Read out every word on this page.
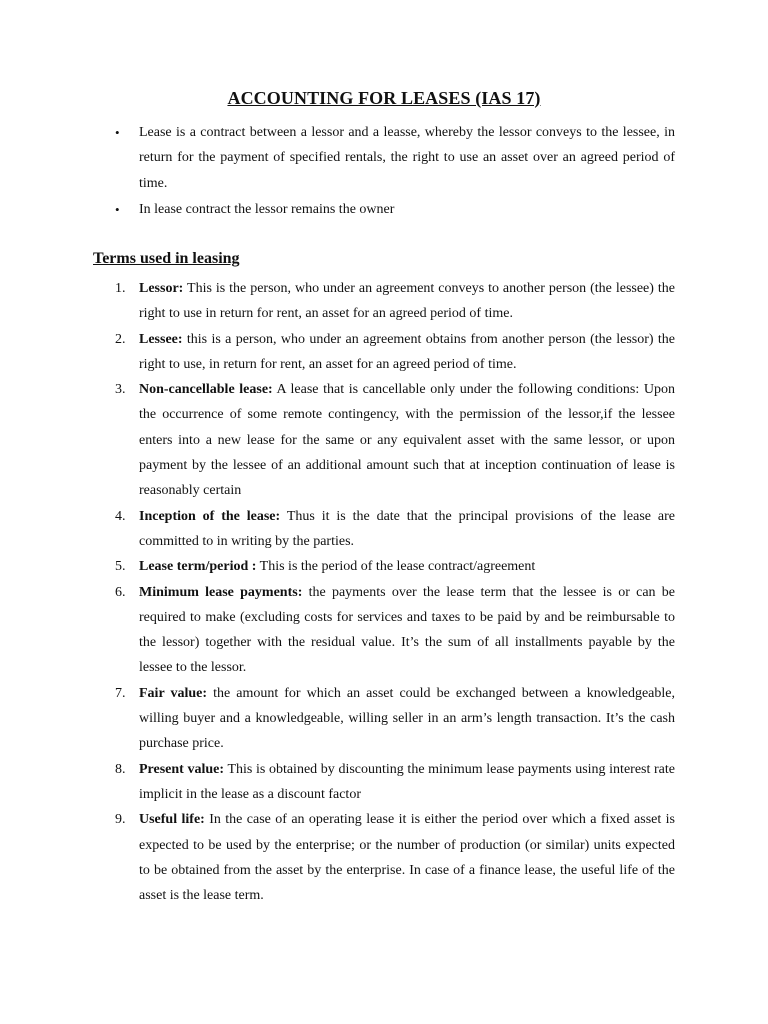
ACCOUNTING FOR LEASES (IAS 17)
• Lease is a contract between a lessor and a leasse, whereby the lessor conveys to the lessee, in return for the payment of specified rentals, the right to use an asset over an agreed period of time.
• In lease contract the lessor remains the owner
Terms used in leasing
1. Lessor: This is the person, who under an agreement conveys to another person (the lessee) the right to use in return for rent, an asset for an agreed period of time.
2. Lessee: this is a person, who under an agreement obtains from another person (the lessor) the right to use, in return for rent, an asset for an agreed period of time.
3. Non-cancellable lease: A lease that is cancellable only under the following conditions: Upon the occurrence of some remote contingency, with the permission of the lessor,if the lessee enters into a new lease for the same or any equivalent asset with the same lessor, or upon payment by the lessee of an additional amount such that at inception continuation of lease is reasonably certain
4. Inception of the lease: Thus it is the date that the principal provisions of the lease are committed to in writing by the parties.
5. Lease term/period : This is the period of the lease contract/agreement
6. Minimum lease payments: the payments over the lease term that the lessee is or can be required to make (excluding costs for services and taxes to be paid by and be reimbursable to the lessor) together with the residual value. It’s the sum of all installments payable by the lessee to the lessor.
7. Fair value: the amount for which an asset could be exchanged between a knowledgeable, willing buyer and a knowledgeable, willing seller in an arm’s length transaction. It’s the cash purchase price.
8. Present value: This is obtained by discounting the minimum lease payments using interest rate implicit in the lease as a discount factor
9. Useful life: In the case of an operating lease it is either the period over which a fixed asset is expected to be used by the enterprise; or the number of production (or similar) units expected to be obtained from the asset by the enterprise. In case of a finance lease, the useful life of the asset is the lease term.
